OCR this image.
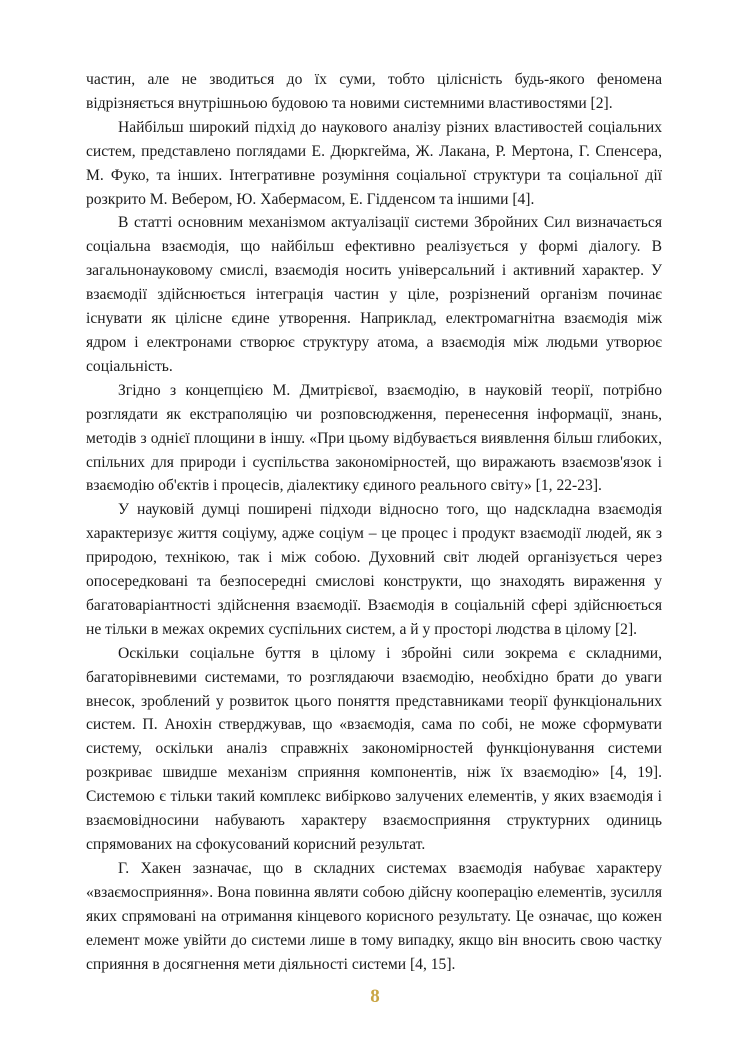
частин, але не зводиться до їх суми, тобто цілісність будь-якого феномена відрізняється внутрішньою будовою та новими системними властивостями [2].

Найбільш широкий підхід до наукового аналізу різних властивостей соціальних систем, представлено поглядами Е. Дюркгейма, Ж. Лакана, Р. Мертона, Г. Спенсера, М. Фуко, та інших. Інтегративне розуміння соціальної структури та соціальної дії розкрито М. Вебером, Ю. Хабермасом, Е. Гідденсом та іншими [4].

В статті основним механізмом актуалізації системи Збройних Сил визначається соціальна взаємодія, що найбільш ефективно реалізується у формі діалогу. В загальнонауковому смислі, взаємодія носить універсальний і активний характер. У взаємодії здійснюється інтеграція частин у ціле, розрізнений організм починає існувати як цілісне єдине утворення. Наприклад, електромагнітна взаємодія між ядром і електронами створює структуру атома, а взаємодія між людьми утворює соціальність.

Згідно з концепцією М. Дмитрієвої, взаємодію, в науковій теорії, потрібно розглядати як екстраполяцію чи розповсюдження, перенесення інформації, знань, методів з однієї площини в іншу. «При цьому відбувається виявлення більш глибоких, спільних для природи і суспільства закономірностей, що виражають взаємозв'язок і взаємодію об'єктів і процесів, діалектику єдиного реального світу» [1, 22-23].

У науковій думці поширені підходи відносно того, що надскладна взаємодія характеризує життя соціуму, адже соціум – це процес і продукт взаємодії людей, як з природою, технікою, так і між собою. Духовний світ людей організується через опосередковані та безпосередні смислові конструкти, що знаходять вираження у багатоваріантності здійснення взаємодії. Взаємодія в соціальній сфері здійснюється не тільки в межах окремих суспільних систем, а й у просторі людства в цілому [2].

Оскільки соціальне буття в цілому і збройні сили зокрема є складними, багаторівневими системами, то розглядаючи взаємодію, необхідно брати до уваги внесок, зроблений у розвиток цього поняття представниками теорії функціональних систем. П. Анохін стверджував, що «взаємодія, сама по собі, не може сформувати систему, оскільки аналіз справжніх закономірностей функціонування системи розкриває швидше механізм сприяння компонентів, ніж їх взаємодію» [4, 19]. Системою є тільки такий комплекс вибірково залучених елементів, у яких взаємодія і взаємовідносини набувають характеру взаємосприяння структурних одиниць спрямованих на сфокусований корисний результат.

Г. Хакен зазначає, що в складних системах взаємодія набуває характеру «взаємосприяння». Вона повинна являти собою дійсну кооперацію елементів, зусилля яких спрямовані на отримання кінцевого корисного результату. Це означає, що кожен елемент може увійти до системи лише в тому випадку, якщо він вносить свою частку сприяння в досягнення мети діяльності системи [4, 15].

8
